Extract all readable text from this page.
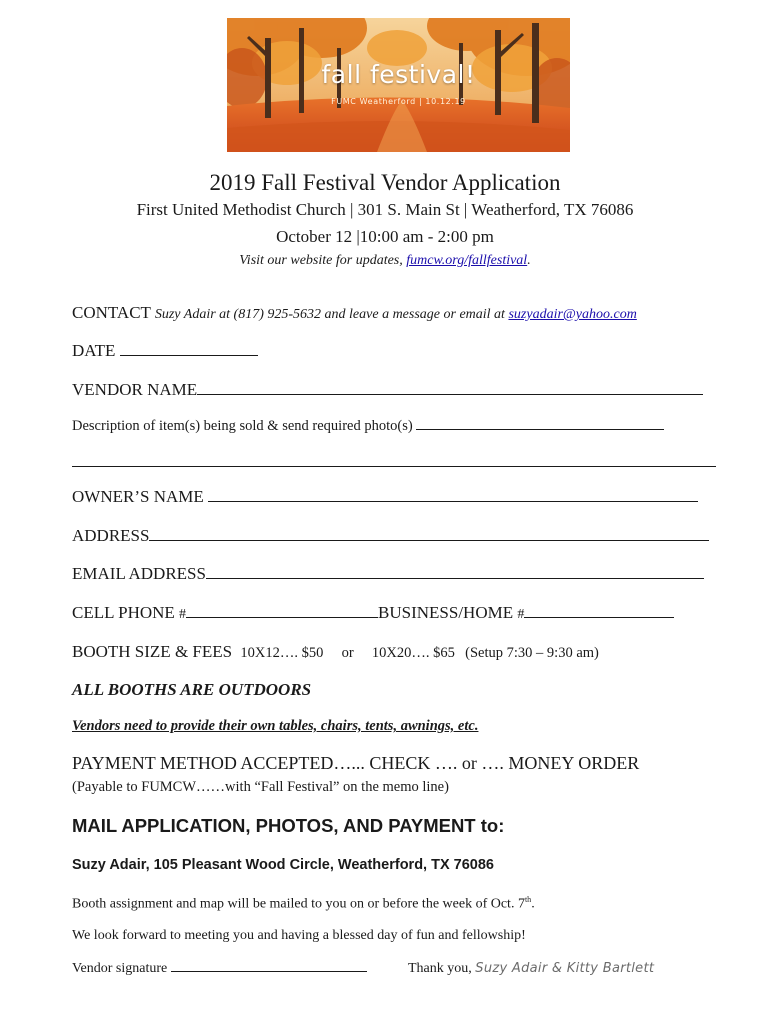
fall festival!
FUMC Weatherford | 10.12.19
2019 Fall Festival Vendor Application
First United Methodist Church | 301 S. Main St | Weatherford, TX 76086
October 12 |10:00 am - 2:00 pm
Visit our website for updates, fumcw.org/fallfestival.
CONTACT Suzy Adair at (817) 925-5632 and leave a message or email at suzyadair@yahoo.com
DATE
VENDOR NAME
Description of item(s) being sold & send required photo(s)
OWNER’S NAME
ADDRESS
EMAIL ADDRESS
CELL PHONE #	BUSINESS/HOME #
BOOTH SIZE & FEES 10X12…. $50 or 10X20…. $65 (Setup 7:30 – 9:30 am)
ALL BOOTHS ARE OUTDOORS
Vendors need to provide their own tables, chairs, tents, awnings, etc.
PAYMENT METHOD ACCEPTED…... CHECK …. or …. MONEY ORDER
(Payable to FUMCW……with “Fall Festival” on the memo line)
MAIL APPLICATION, PHOTOS, AND PAYMENT to:
Suzy Adair, 105 Pleasant Wood Circle, Weatherford, TX 76086
Booth assignment and map will be mailed to you on or before the week of Oct. 7th.
We look forward to meeting you and having a blessed day of fun and fellowship!
Vendor signature	Thank you, Suzy Adair & Kitty Bartlett
